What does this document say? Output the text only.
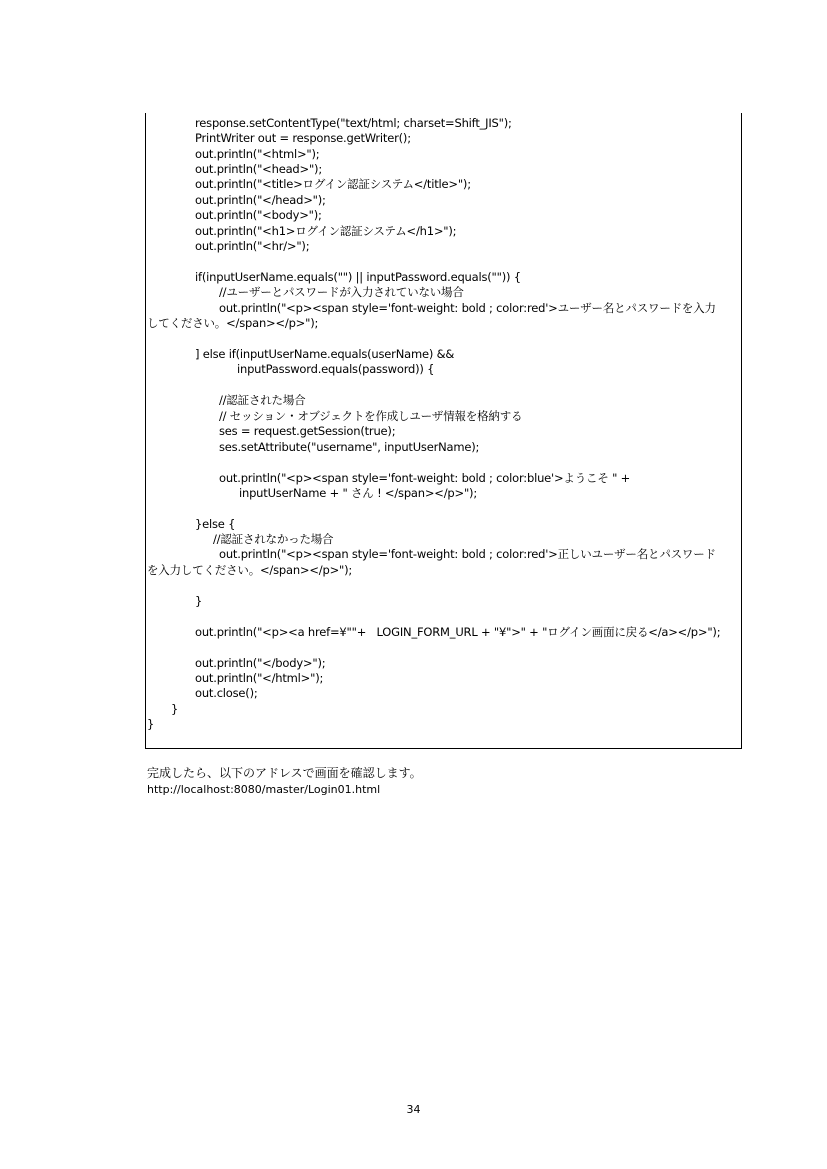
response.setContentType("text/html; charset=Shift_JIS");
PrintWriter out = response.getWriter();
out.println("<html>");
out.println("<head>");
out.println("<title>ログイン認証システム</title>");
out.println("</head>");
out.println("<body>");
out.println("<h1>ログイン認証システム</h1>");
out.println("<hr/>");
if(inputUserName.equals("") || inputPassword.equals("")) {
//ユーザーとパスワードが入力されていない場合
out.println("<p><span style='font-weight: bold ; color:red'>ユーザー名とパスワードを入力
してください。</span></p>");
] else if(inputUserName.equals(userName) &&
inputPassword.equals(password)) {
//認証された場合
// セッション・オブジェクトを作成しユーザ情報を格納する
ses = request.getSession(true);
ses.setAttribute("username", inputUserName);
out.println("<p><span style='font-weight: bold ; color:blue'>ようこそ " +
inputUserName + " さん ! </span></p>");
}else {
//認証されなかった場合
out.println("<p><span style='font-weight: bold ; color:red'>正しいユーザー名とパスワード
を入力してください。</span></p>");
}
out.println("<p><a href=¥""+   LOGIN_FORM_URL + "¥">" + "ログイン画面に戻る</a></p>");
out.println("</body>");
out.println("</html>");
out.close();
}
}
完成したら、以下のアドレスで画面を確認します。
http://localhost:8080/master/Login01.html
34
